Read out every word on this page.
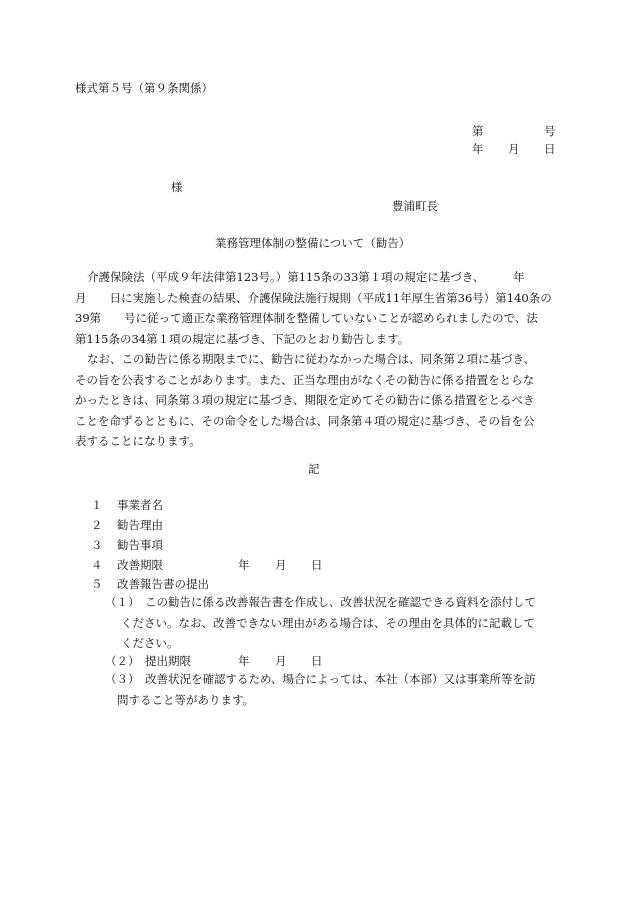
様式第５号（第９条関係）
第	号
年 月 日
様
豊浦町長
業務管理体制の整備について（勧告）
介護保険法（平成９年法律第123号。）第115条の33第１項の規定に基づき、　　　年
月　　日に実施した検査の結果、介護保険法施行規則（平成11年厚生省第36号）第140条の
39第　　号に従って適正な業務管理体制を整備していないことが認められましたので、法
第115条の34第１項の規定に基づき、下記のとおり勧告します。
なお、この勧告に係る期限までに、勧告に従わなかった場合は、同条第２項に基づき、
その旨を公表することがあります。また、正当な理由がなくその勧告に係る措置をとらな
かったときは、同条第３項の規定に基づき、期限を定めてその勧告に係る措置をとるべき
ことを命ずるとともに、その命令をした場合は、同条第４項の規定に基づき、その旨を公
表することになります。
記
１ 事業者名
２ 勧告理由
３ 勧告事項
４ 改善期限	年 月 日
５ 改善報告書の提出
（１） この勧告に係る改善報告書を作成し、改善状況を確認できる資料を添付して
ください。なお、改善できない理由がある場合は、その理由を具体的に記載して
ください。
（２） 提出期限	年 月 日
（３） 改善状況を確認するため、場合によっては、本社（本部）又は事業所等を訪
問すること等があります。
